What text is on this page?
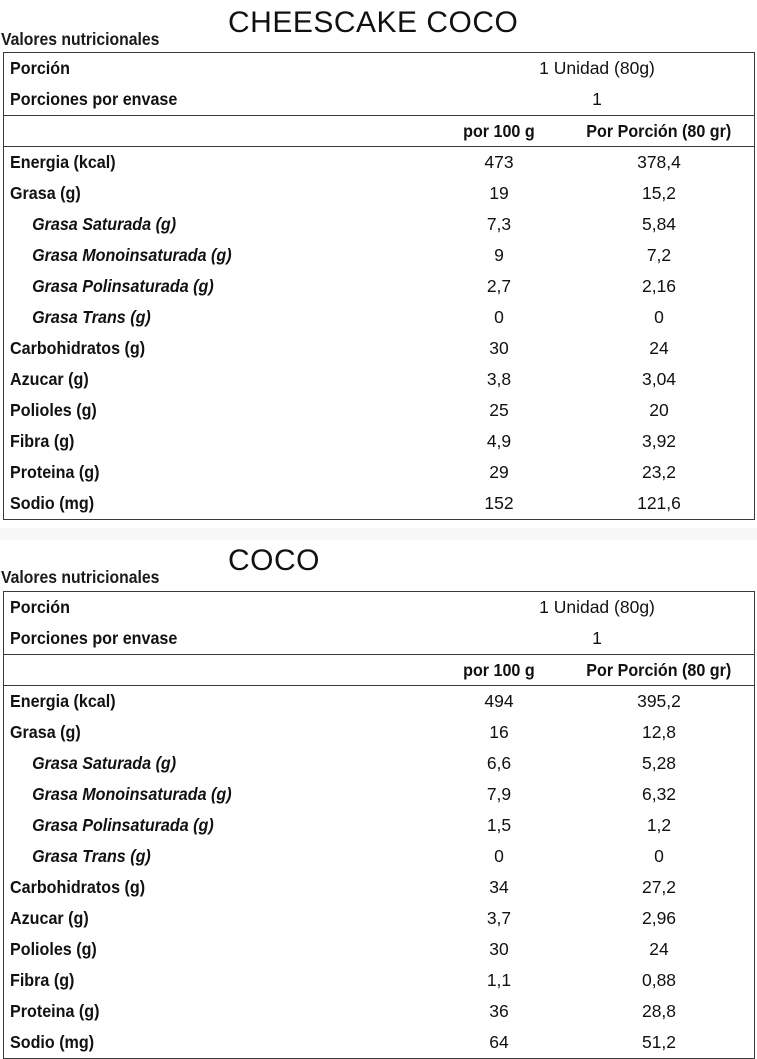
CHEESCAKE COCO
Valores nutricionales
Porción	1 Unidad (80g)	
Porciones por envase	1	
	por 100 g	Por Porción (80 gr)
Energia (kcal)	473	378,4
Grasa (g)	19	15,2
Grasa Saturada (g)	7,3	5,84
Grasa Monoinsaturada (g)	9	7,2
Grasa Polinsaturada (g)	2,7	2,16
Grasa Trans (g)	0	0
Carbohidratos (g)	30	24
Azucar (g)	3,8	3,04
Polioles (g)	25	20
Fibra (g)	4,9	3,92
Proteina (g)	29	23,2
Sodio (mg)	152	121,6
COCO
Valores nutricionales
Porción	1 Unidad (80g)	
Porciones por envase	1	
	por 100 g	Por Porción (80 gr)
Energia (kcal)	494	395,2
Grasa (g)	16	12,8
Grasa Saturada (g)	6,6	5,28
Grasa Monoinsaturada (g)	7,9	6,32
Grasa Polinsaturada (g)	1,5	1,2
Grasa Trans (g)	0	0
Carbohidratos (g)	34	27,2
Azucar (g)	3,7	2,96
Polioles (g)	30	24
Fibra (g)	1,1	0,88
Proteina (g)	36	28,8
Sodio (mg)	64	51,2
